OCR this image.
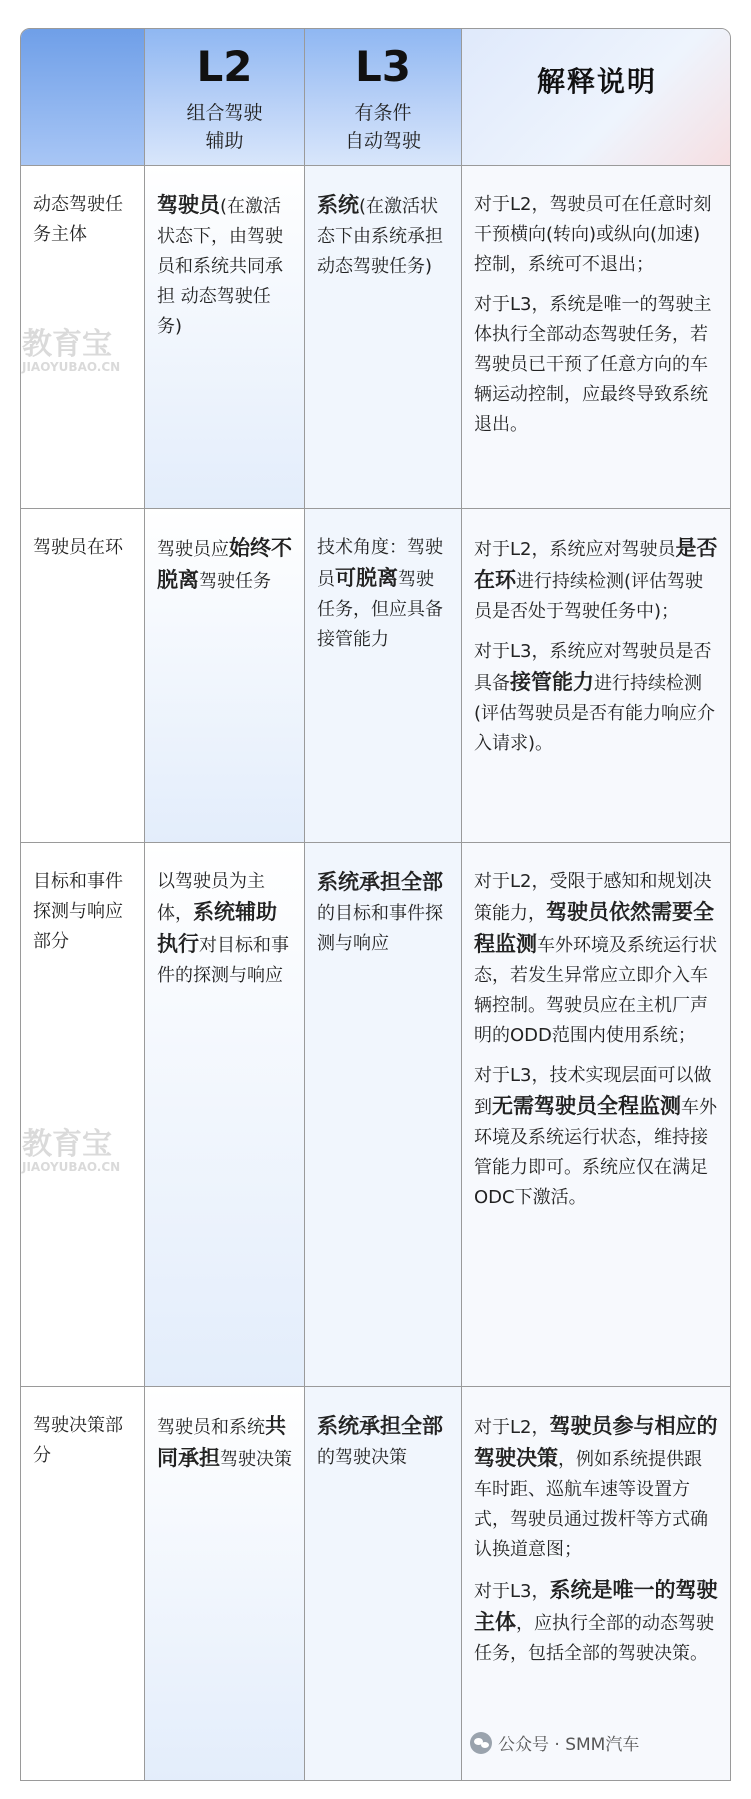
L2
组合驾驶
辅助
L3
有条件
自动驾驶
解释说明
动态驾驶任务主体
驾驶员(在激活状态下，由驾驶员和系统共同承担 动态驾驶任务)
系统(在激活状态下由系统承担动态驾驶任务)

对于L2，驾驶员可在任意时刻干预横向(转向)或纵向(加速)控制，系统可不退出；

对于L3，系统是唯一的驾驶主体执行全部动态驾驶任务，若驾驶员已干预了任意方向的车辆运动控制，应最终导致系统退出。

驾驶员在环	驾驶员应始终不脱离驾驶任务
技术角度：驾驶员可脱离驾驶任务，但应具备接管能力

对于L2，系统应对驾驶员是否在环进行持续检测(评估驾驶员是否处于驾驶任务中)；

对于L3，系统应对驾驶员是否具备接管能力进行持续检测(评估驾驶员是否有能力响应介入请求)。

目标和事件探测与响应部分
以驾驶员为主体，系统辅助执行对目标和事件的探测与响应
系统承担全部的目标和事件探测与响应

对于L2，受限于感知和规划决策能力，驾驶员依然需要全程监测车外环境及系统运行状态，若发生异常应立即介入车辆控制。驾驶员应在主机厂声明的ODD范围内使用系统；

对于L3，技术实现层面可以做到无需驾驶员全程监测车外环境及系统运行状态，维持接管能力即可。系统应仅在满足ODC下激活。

驾驶决策部分
驾驶员和系统共同承担驾驶决策
系统承担全部的驾驶决策

对于L2，驾驶员参与相应的驾驶决策，例如系统提供跟车时距、巡航车速等设置方式，驾驶员通过拨杆等方式确认换道意图；

对于L3，系统是唯一的驾驶主体，应执行全部的动态驾驶任务，包括全部的驾驶决策。

教育宝
JIAOYUBAO.CN
教育宝
JIAOYUBAO.CN
公众号 · SMM汽车
